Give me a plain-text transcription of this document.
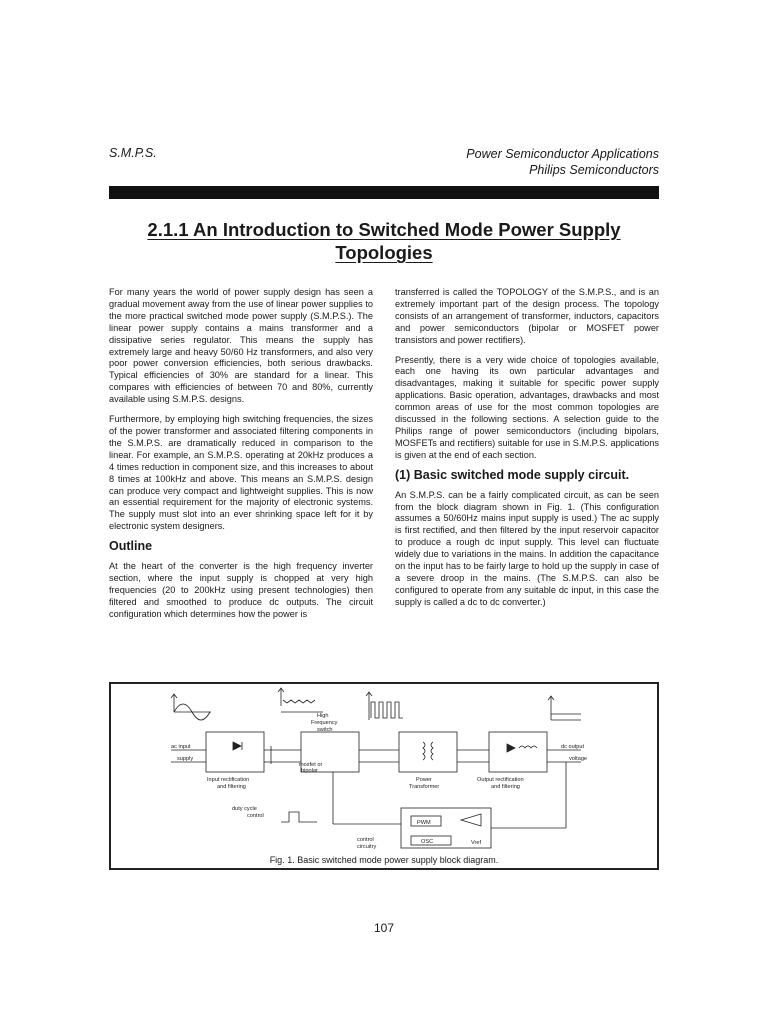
S.M.P.S.	Power Semiconductor Applications
Philips Semiconductors
2.1.1 An Introduction to Switched Mode Power Supply
Topologies

For many years the world of power supply design has seen a gradual movement away from the use of linear power supplies to the more practical switched mode power supply (S.M.P.S.). The linear power supply contains a mains transformer and a dissipative series regulator. This means the supply has extremely large and heavy 50/60 Hz transformers, and also very poor power conversion efficiencies, both serious drawbacks. Typical efficiencies of 30% are standard for a linear. This compares with efficiencies of between 70 and 80%, currently available using S.M.P.S. designs.

Furthermore, by employing high switching frequencies, the sizes of the power transformer and associated filtering components in the S.M.P.S. are dramatically reduced in comparison to the linear. For example, an S.M.P.S. operating at 20kHz produces a 4 times reduction in component size, and this increases to about 8 times at 100kHz and above. This means an S.M.P.S. design can produce very compact and lightweight supplies. This is now an essential requirement for the majority of electronic systems. The supply must slot into an ever shrinking space left for it by electronic system designers.

Outline

At the heart of the converter is the high frequency inverter section, where the input supply is chopped at very high frequencies (20 to 200kHz using present technologies) then filtered and smoothed to produce dc outputs. The circuit configuration which determines how the power is

transferred is called the TOPOLOGY of the S.M.P.S., and is an extremely important part of the design process. The topology consists of an arrangement of transformer, inductors, capacitors and power semiconductors (bipolar or MOSFET power transistors and power rectifiers).

Presently, there is a very wide choice of topologies available, each one having its own particular advantages and disadvantages, making it suitable for specific power supply applications. Basic operation, advantages, drawbacks and most common areas of use for the most common topologies are discussed in the following sections. A selection guide to the Philips range of power semiconductors (including bipolars, MOSFETs and rectifiers) suitable for use in S.M.P.S. applications is given at the end of each section.

(1) Basic switched mode supply circuit.

An S.M.P.S. can be a fairly complicated circuit, as can be seen from the block diagram shown in Fig. 1. (This configuration assumes a 50/60Hz mains input supply is used.) The ac supply is first rectified, and then filtered by the input reservoir capacitor to produce a rough dc input supply. This level can fluctuate widely due to variations in the mains. In addition the capacitance on the input has to be fairly large to hold up the supply in case of a severe droop in the mains. (The S.M.P.S. can also be configured to operate from any suitable dc input, in this case the supply is called a dc to dc converter.)

High
Frequency
switch
ac input
supply
dc output
voltage
Input rectification
and filtering
mosfet or
bipolar
Power
Transformer
Output rectification
and filtering
duty cycle
control
PWM
OSC	Vref
control
circuitry
Fig. 1. Basic switched mode power supply block diagram.
107
